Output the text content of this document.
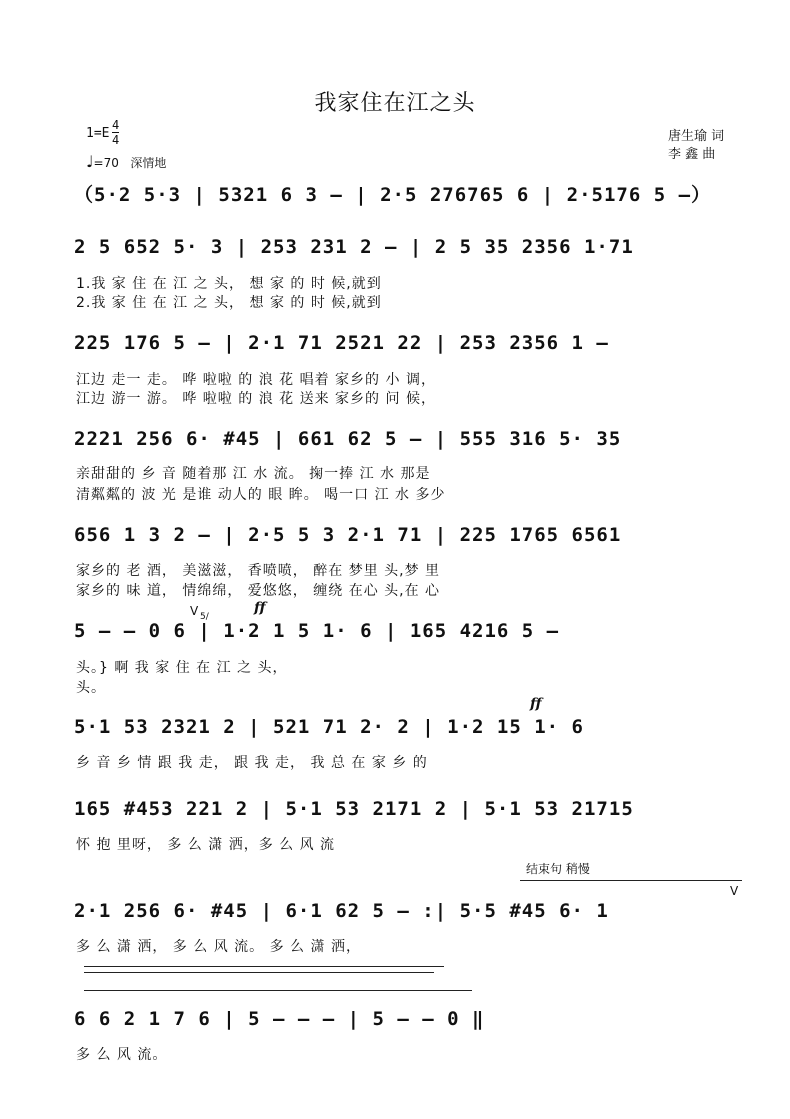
我家住在江之头
$1=E \frac{4}{4}$
♩=70 深情地
唐生瑜 词
李 鑫 曲
（5·2 5·3 | 5321 6 3 – | 2·5 276765 6 | 2·5176 5 –）
2 5 652 5· 3 | 253 231 2 – | 2 5 35 2356 1·71
1.我 家 住 在 江 之 头， 想 家 的 时 候,就到
2.我 家 住 在 江 之 头， 想 家 的 时 候,就到
225 176 5 – | 2·1 71 2521 22 | 253 2356 1 –
江边 走一 走。 哗 啦啦 的 浪 花 唱着 家乡的 小 调，
江边 游一 游。 哗 啦啦 的 浪 花 送来 家乡的 问 候，
2221 256 6· #45 | 661 62 5 – | 555 316 5· 35
亲甜甜的 乡 音 随着那 江 水 流。 掬一捧 江 水 那是
清粼粼的 波 光 是谁 动人的 眼 眸。 喝一口 江 水 多少
656 1 3 2 – | 2·5 5 3 2·1 71 | 225 1765 6561
家乡的 老 酒， 美滋滋， 香喷喷， 醉在 梦里 头,梦 里
家乡的 味 道， 情绵绵， 爱悠悠， 缠绕 在心 头,在 心
V 5/
ff
5 – – 0 6 | 1·2 1 5 1· 6 | 165 4216 5 –
头。} 啊 我 家 住 在 江 之 头，
头。
ff
5·1 53 2321 2 | 521 71 2· 2 | 1·2 15 1· 6
乡 音 乡 情 跟 我 走， 跟 我 走， 我 总 在 家 乡 的
165 #453 221 2 | 5·1 53 2171 2 | 5·1 53 21715
怀 抱 里呀， 多 么 潇 洒，多 么 风 流
结束句 稍慢
V
2·1 256 6· #45 | 6·1 62 5 – :| 5·5 #45 6· 1
多 么 潇 洒， 多 么 风 流。 多 么 潇 洒，
6 6 2 1 7 6 | 5 – – – | 5 – – 0 ‖
多 么 风 流。
